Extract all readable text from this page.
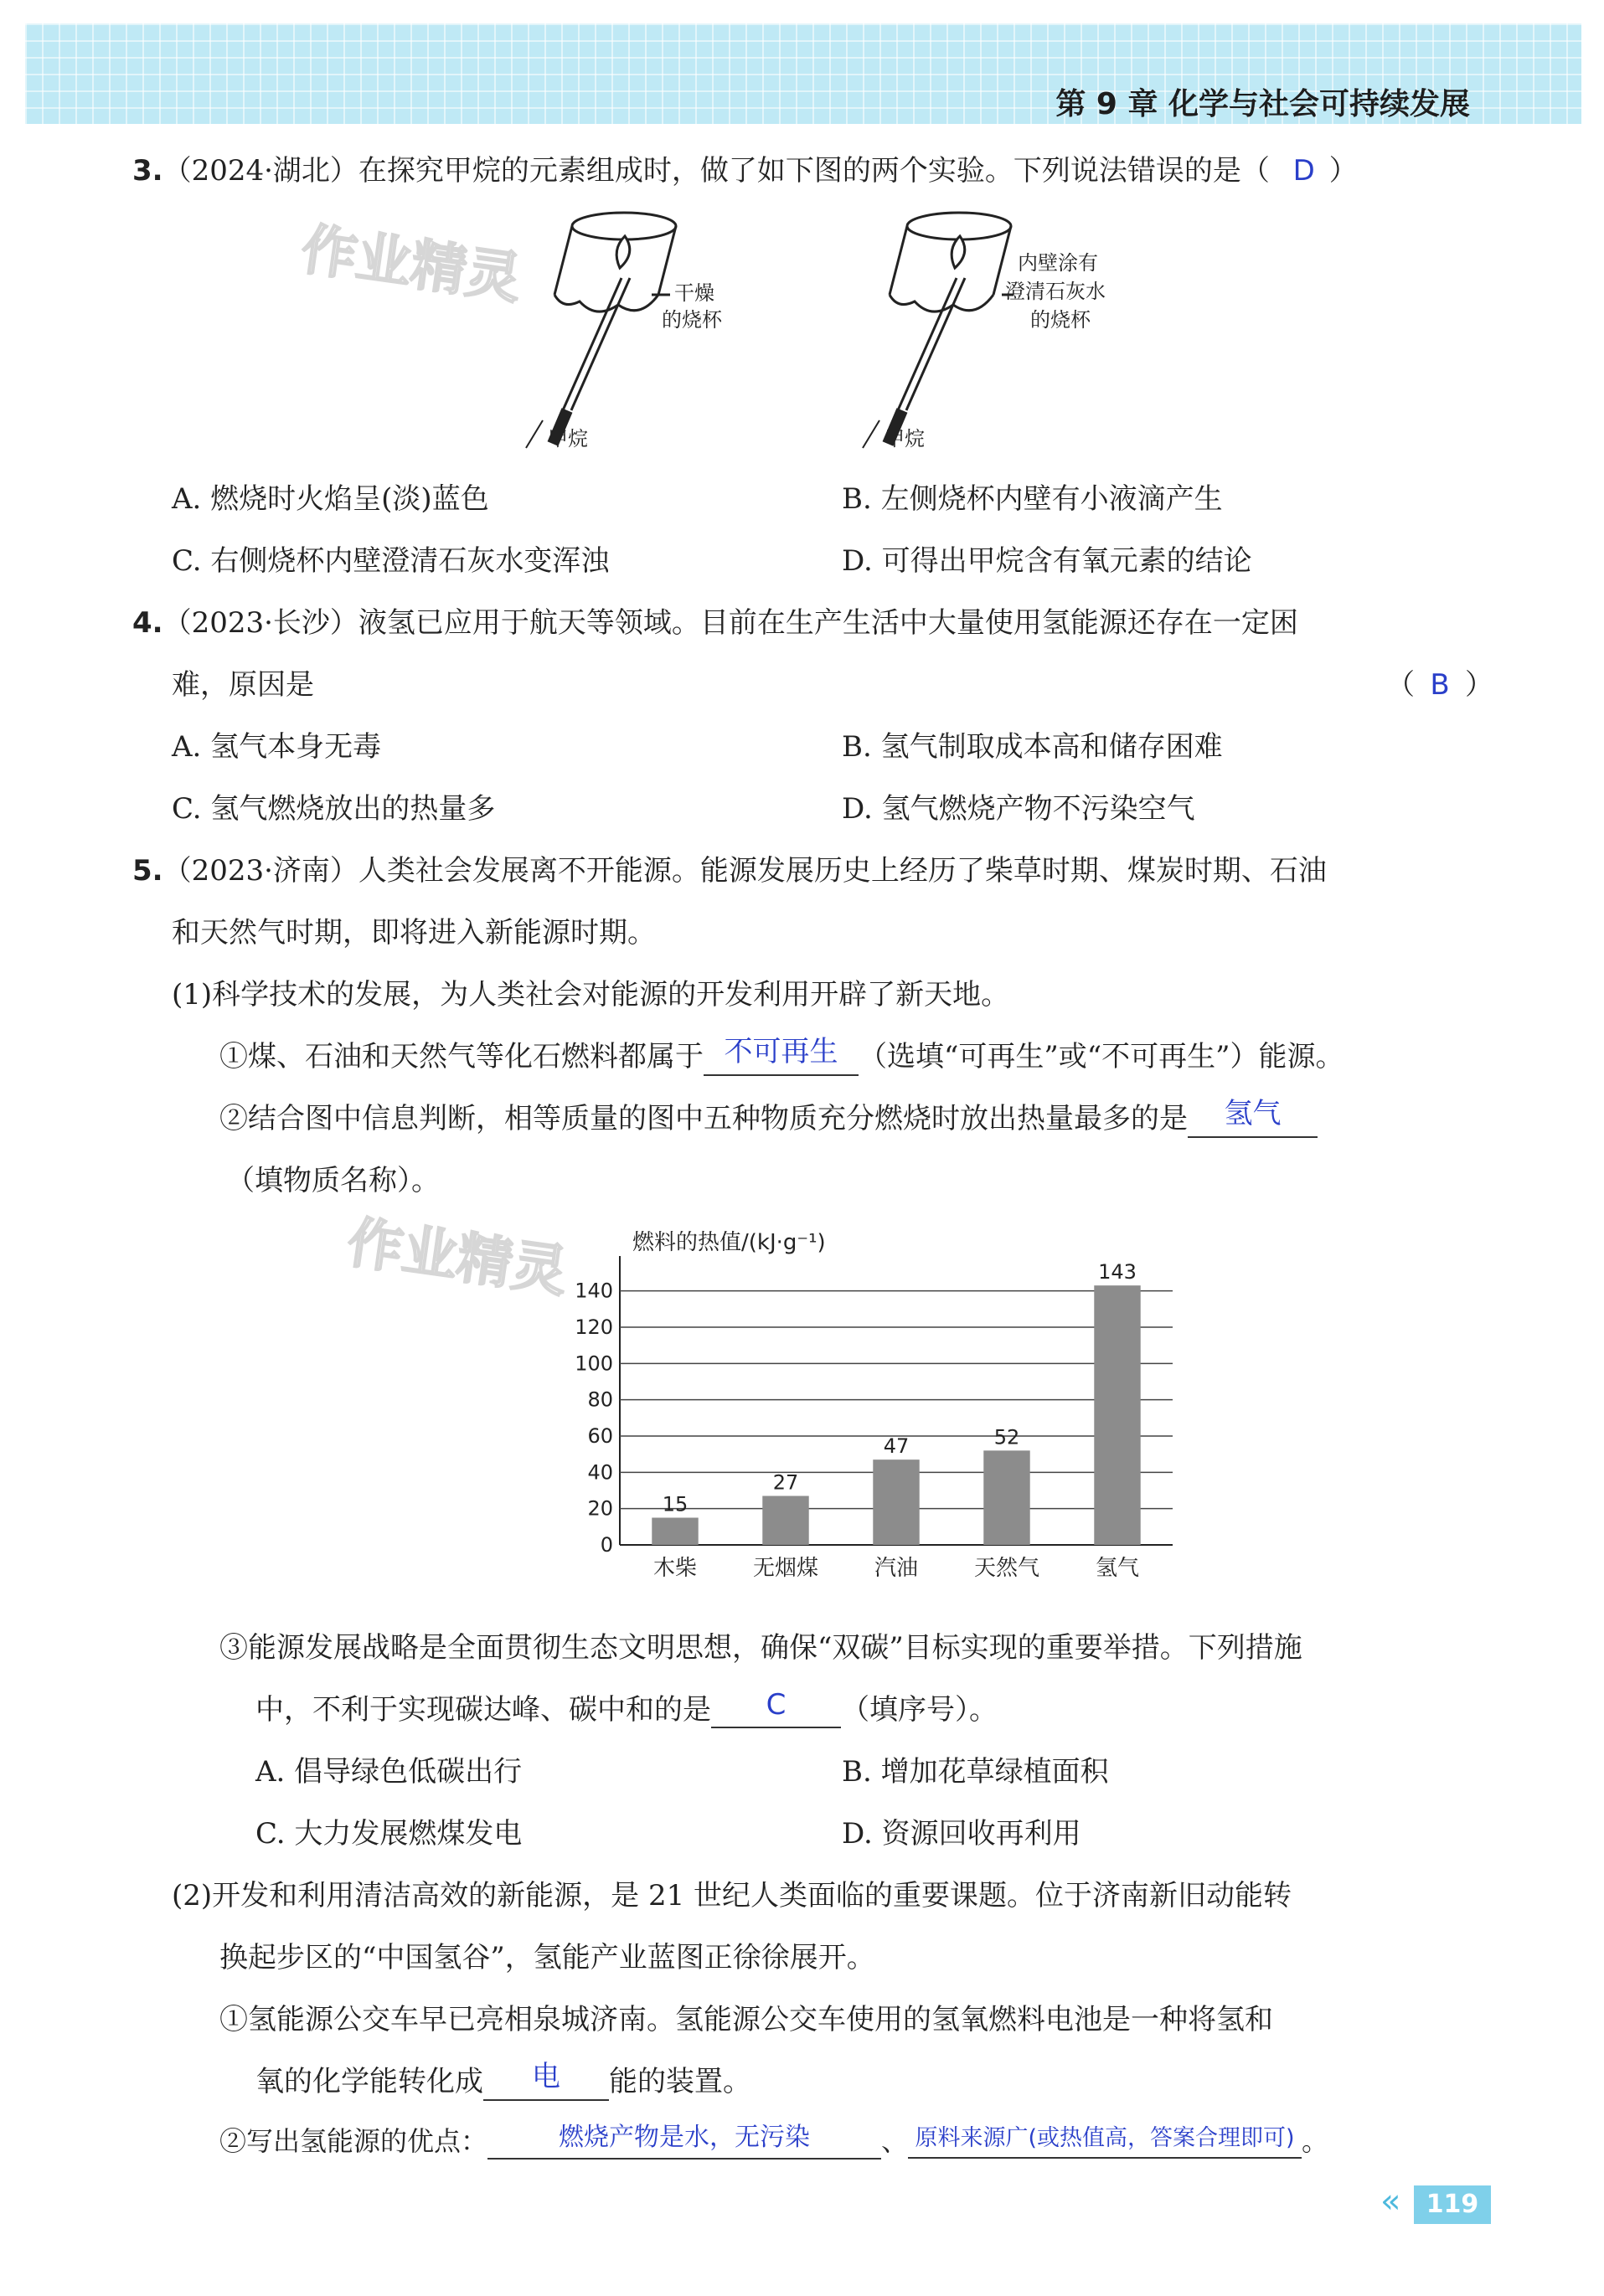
第 9 章 化学与社会可持续发展
3.（2024·湖北）在探究甲烷的元素组成时，做了如下图的两个实验。下列说法错误的是（ D ）
作业精灵	干燥
的烧杯
内壁涂有
澄清石灰水
的烧杯
甲烷	甲烷
A. 燃烧时火焰呈(淡)蓝色	B. 左侧烧杯内壁有小液滴产生
C. 右侧烧杯内壁澄清石灰水变浑浊	D. 可得出甲烷含有氧元素的结论
4.（2023·长沙）液氢已应用于航天等领域。目前在生产生活中大量使用氢能源还存在一定困
难，原因是	（ B ）
A. 氢气本身无毒	B. 氢气制取成本高和储存困难
C. 氢气燃烧放出的热量多	D. 氢气燃烧产物不污染空气
5.（2023·济南）人类社会发展离不开能源。能源发展历史上经历了柴草时期、煤炭时期、石油
和天然气时期，即将进入新能源时期。
(1)科学技术的发展，为人类社会对能源的开发利用开辟了新天地。
①煤、石油和天然气等化石燃料都属于 不可再生 （选填“可再生”或“不可再生”）能源。
②结合图中信息判断，相等质量的图中五种物质充分燃烧时放出热量最多的是 氢气
（填物质名称）。
作业精灵	燃料的热值/(kJ·g⁻¹)
0
20
40
60
80
100
120
140
15
27
47	52
143
木柴	无烟煤	汽油	天然气	氢气
③能源发展战略是全面贯彻生态文明思想，确保“双碳”目标实现的重要举措。下列措施
中，不利于实现碳达峰、碳中和的是 C （填序号）。
A. 倡导绿色低碳出行	B. 增加花草绿植面积
C. 大力发展燃煤发电	D. 资源回收再利用
(2)开发和利用清洁高效的新能源，是 21 世纪人类面临的重要课题。位于济南新旧动能转
换起步区的“中国氢谷”，氢能产业蓝图正徐徐展开。
①氢能源公交车早已亮相泉城济南。氢能源公交车使用的氢氧燃料电池是一种将氢和
氧的化学能转化成 电 能的装置。
②写出氢能源的优点：	燃烧产物是水，无污染	、 原料来源广(或热值高，答案合理即可) 。
«	119
